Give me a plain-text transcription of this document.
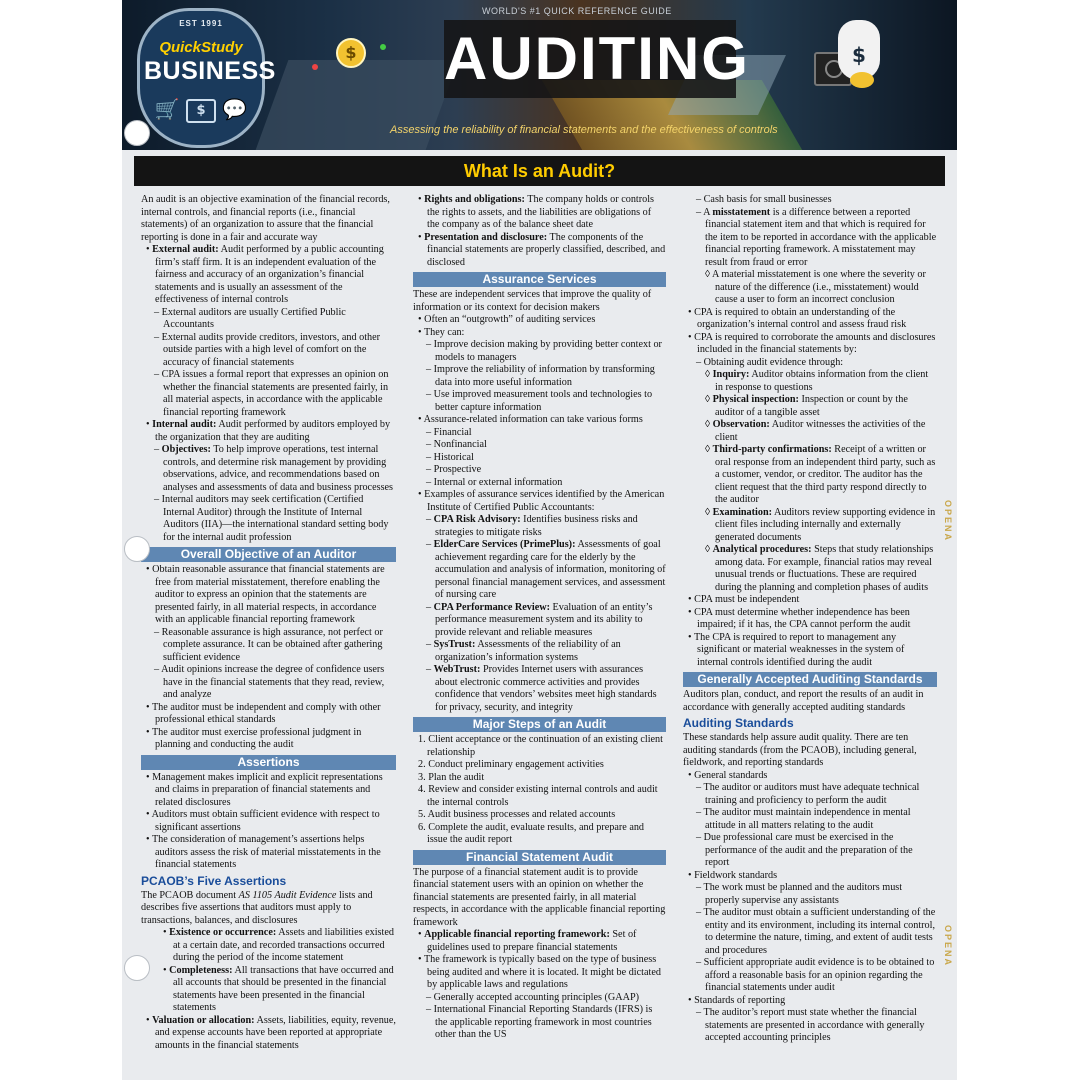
EST 1991
QuickStudy
BUSINESS
🛒 $ 💬
$
WORLD'S #1 QUICK REFERENCE GUIDE
AUDITING	$
Assessing the reliability of financial statements and the effectiveness of controls
What Is an Audit?

An audit is an objective examination of the financial records, internal controls, and financial reports (i.e., financial statements) of an organization to assure that the financial reporting is done in a fair and accurate way

• External audit: Audit performed by a public accounting firm’s staff firm. It is an independent evaluation of the fairness and accuracy of an organization’s financial statements and is usually an assessment of the effectiveness of internal controls

– External auditors are usually Certified Public Accountants

– External audits provide creditors, investors, and other outside parties with a high level of comfort on the accuracy of financial statements

– CPA issues a formal report that expresses an opinion on whether the financial statements are presented fairly, in all material aspects, in accordance with the applicable financial reporting framework

• Internal audit: Audit performed by auditors employed by the organization that they are auditing

– Objectives: To help improve operations, test internal controls, and determine risk management by providing observations, advice, and recommendations based on analyses and assessments of data and business processes

– Internal auditors may seek certification (Certified Internal Auditor) through the Institute of Internal Auditors (IIA)—the international standard setting body for the internal audit profession

Overall Objective of an Auditor

• Obtain reasonable assurance that financial statements are free from material misstatement, therefore enabling the auditor to express an opinion that the statements are presented fairly, in all material respects, in accordance with an applicable financial reporting framework

– Reasonable assurance is high assurance, not perfect or complete assurance. It can be obtained after gathering sufficient evidence

– Audit opinions increase the degree of confidence users have in the financial statements that they read, review, and analyze

• The auditor must be independent and comply with other professional ethical standards

• The auditor must exercise professional judgment in planning and conducting the audit

Assertions

• Management makes implicit and explicit representations and claims in preparation of financial statements and related disclosures

• Auditors must obtain sufficient evidence with respect to significant assertions

• The consideration of management’s assertions helps auditors assess the risk of material misstatements in the financial statements

PCAOB’s Five Assertions

The PCAOB document AS 1105 Audit Evidence lists and describes five assertions that auditors must apply to transactions, balances, and disclosures

• Existence or occurrence: Assets and liabilities existed at a certain date, and recorded transactions occurred during the period of the income statement

• Completeness: All transactions that have occurred and all accounts that should be presented in the financial statements have been presented in the financial statements

• Valuation or allocation: Assets, liabilities, equity, revenue, and expense accounts have been reported at appropriate amounts in the financial statements

• Rights and obligations: The company holds or controls the rights to assets, and the liabilities are obligations of the company as of the balance sheet date

• Presentation and disclosure: The components of the financial statements are properly classified, described, and disclosed

Assurance Services

These are independent services that improve the quality of information or its context for decision makers

• Often an “outgrowth” of auditing services

• They can:

– Improve decision making by providing better context or models to managers

– Improve the reliability of information by transforming data into more useful information

– Use improved measurement tools and technologies to better capture information

• Assurance-related information can take various forms

– Financial

– Nonfinancial

– Historical

– Prospective

– Internal or external information

• Examples of assurance services identified by the American Institute of Certified Public Accountants:

– CPA Risk Advisory: Identifies business risks and strategies to mitigate risks

– ElderCare Services (PrimePlus): Assessments of goal achievement regarding care for the elderly by the accumulation and analysis of information, monitoring of personal financial management services, and assessment of nursing care

– CPA Performance Review: Evaluation of an entity’s performance measurement system and its ability to provide relevant and reliable measures

– SysTrust: Assessments of the reliability of an organization’s information systems

– WebTrust: Provides Internet users with assurances about electronic commerce activities and provides confidence that vendors’ websites meet high standards for privacy, security, and integrity

Major Steps of an Audit

1. Client acceptance or the continuation of an existing client relationship

2. Conduct preliminary engagement activities

3. Plan the audit

4. Review and consider existing internal controls and audit the internal controls

5. Audit business processes and related accounts

6. Complete the audit, evaluate results, and prepare and issue the audit report

Financial Statement Audit

The purpose of a financial statement audit is to provide financial statement users with an opinion on whether the financial statements are presented fairly, in all material respects, in accordance with the applicable financial reporting framework

• Applicable financial reporting framework: Set of guidelines used to prepare financial statements

• The framework is typically based on the type of business being audited and where it is located. It might be dictated by applicable laws and regulations

– Generally accepted accounting principles (GAAP)

– International Financial Reporting Standards (IFRS) is the applicable reporting framework in most countries other than the US

– Cash basis for small businesses

– A misstatement is a difference between a reported financial statement item and that which is required for the item to be reported in accordance with the applicable financial reporting framework. A misstatement may result from fraud or error

◊ A material misstatement is one where the severity or nature of the difference (i.e., misstatement) would cause a user to form an incorrect conclusion

• CPA is required to obtain an understanding of the organization’s internal control and assess fraud risk

• CPA is required to corroborate the amounts and disclosures included in the financial statements by:

– Obtaining audit evidence through:

◊ Inquiry: Auditor obtains information from the client in response to questions

◊ Physical inspection: Inspection or count by the auditor of a tangible asset

◊ Observation: Auditor witnesses the activities of the client

◊ Third-party confirmations: Receipt of a written or oral response from an independent third party, such as a customer, vendor, or creditor. The auditor has the client request that the third party respond directly to the auditor

◊ Examination: Auditors review supporting evidence in client files including internally and externally generated documents

◊ Analytical procedures: Steps that study relationships among data. For example, financial ratios may reveal unusual trends or fluctuations. These are required during the planning and completion phases of audits

• CPA must be independent

• CPA must determine whether independence has been impaired; if it has, the CPA cannot perform the audit

• The CPA is required to report to management any significant or material weaknesses in the system of internal controls identified during the audit

Generally Accepted Auditing Standards

Auditors plan, conduct, and report the results of an audit in accordance with generally accepted auditing standards

Auditing Standards

These standards help assure audit quality. There are ten auditing standards (from the PCAOB), including general, fieldwork, and reporting standards

• General standards

– The auditor or auditors must have adequate technical training and proficiency to perform the audit

– The auditor must maintain independence in mental attitude in all matters relating to the audit

– Due professional care must be exercised in the performance of the audit and the preparation of the report

• Fieldwork standards

– The work must be planned and the auditors must properly supervise any assistants

– The auditor must obtain a sufficient understanding of the entity and its environment, including its internal control, to determine the nature, timing, and extent of audit tests and procedures

– Sufficient appropriate audit evidence is to be obtained to afford a reasonable basis for an opinion regarding the financial statements under audit

• Standards of reporting

– The auditor’s report must state whether the financial statements are presented in accordance with generally accepted accounting principles

OPENA
OPENA
